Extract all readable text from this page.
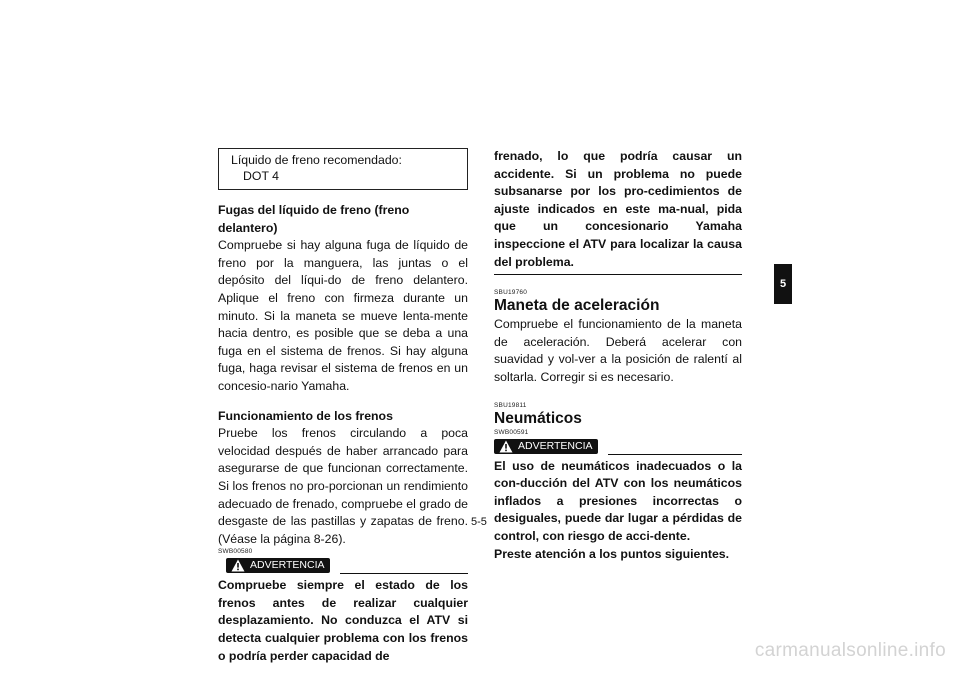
Líquido de freno recomendado:
DOT 4
Fugas del líquido de freno (freno delantero)
Compruebe si hay alguna fuga de líquido de freno por la manguera, las juntas o el depósito del líqui-do de freno delantero. Aplique el freno con firmeza durante un minuto. Si la maneta se mueve lenta-mente hacia dentro, es posible que se deba a una fuga en el sistema de frenos. Si hay alguna fuga, haga revisar el sistema de frenos en un concesio-nario Yamaha.
Funcionamiento de los frenos
Pruebe los frenos circulando a poca velocidad después de haber arrancado para asegurarse de que funcionan correctamente. Si los frenos no pro-porcionan un rendimiento adecuado de frenado, compruebe el grado de desgaste de las pastillas y zapatas de freno. (Véase la página 8-26).
SWB00580
ADVERTENCIA
Compruebe siempre el estado de los frenos antes de realizar cualquier desplazamiento. No conduzca el ATV si detecta cualquier problema con los frenos o podría perder capacidad de
frenado, lo que podría causar un accidente. Si un problema no puede subsanarse por los pro-cedimientos de ajuste indicados en este ma-nual, pida que un concesionario Yamaha inspeccione el ATV para localizar la causa del problema.
SBU19760
Maneta de aceleración
Compruebe el funcionamiento de la maneta de aceleración. Deberá acelerar con suavidad y vol-ver a la posición de ralentí al soltarla. Corregir si es necesario.
SBU19811
Neumáticos
SWB00591
ADVERTENCIA
El uso de neumáticos inadecuados o la con-ducción del ATV con los neumáticos inflados a presiones incorrectas o desiguales, puede dar lugar a pérdidas de control, con riesgo de acci-dente.
Preste atención a los puntos siguientes.
5-5
5
carmanualsonline.info
